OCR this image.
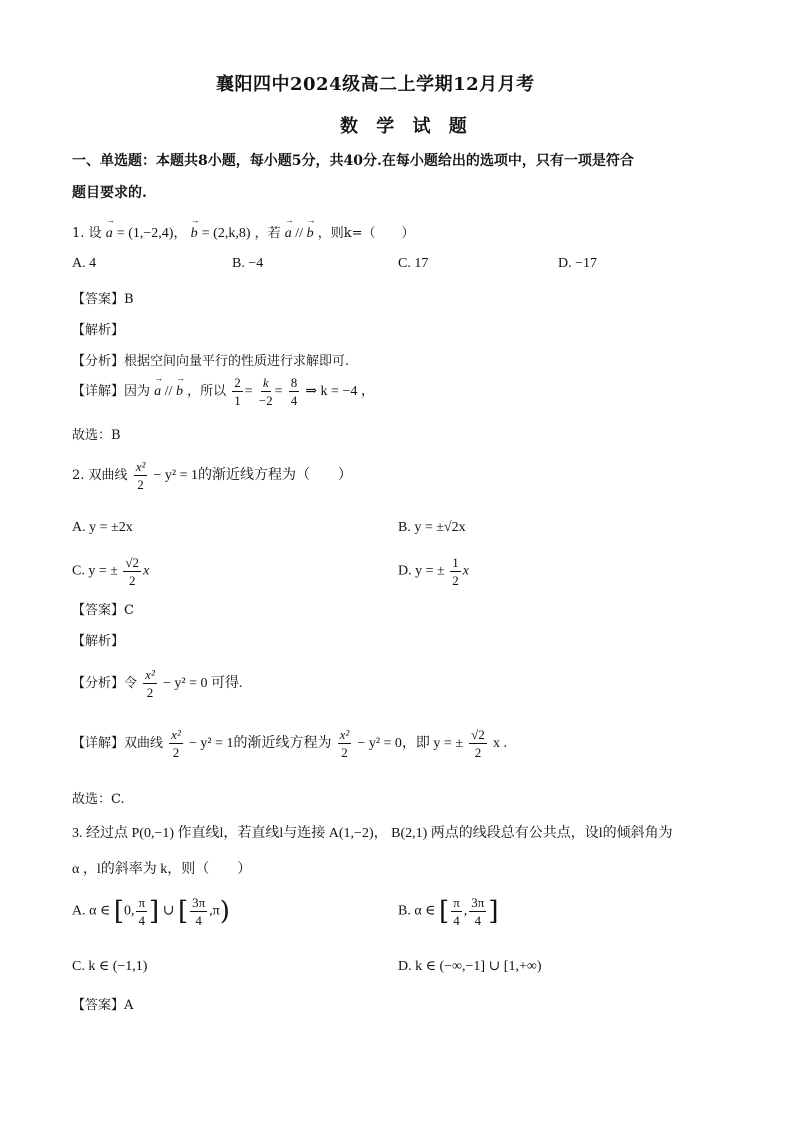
襄阳四中2024级高二上学期12月月考
数 学 试 题
一、单选题：本题共8小题，每小题5分，共40分.在每小题给出的选项中，只有一项是符合
题目要求的.
1. 设 → a = (1,−2,4)， → b = (2,k,8) ，若 → a // → b ，则k=（　　）
A. 4	B. −4	C. 17	D. −17
【答案】B
【解析】
【分析】根据空间向量平行的性质进行求解即可.
【详解】因为 → a // → b ，所以 $\frac{2}{1} = \frac{k}{-2} = \frac{8}{4}$ ⇒ k = −4 ，
故选：B
2. 双曲线 $\frac{\text{x²}}{2} - y^2 = 1$的渐近线方程为（　　）
A. y = ±2x	B. y = ±√2x
C. y = ± $\frac{√2}{2}$ x	D. y = ± $\frac{1}{2}$ x
【答案】C
【解析】
【分析】令 $\frac{\text{x²}}{2} - y^2 = 0$ 可得.
【详解】双曲线 $\frac{\text{x²}}{2} - y^2 = 1$的渐近线方程为 $\frac{\text{x²}}{2} - y^2 = 0$，即 y = ± $\frac{√2}{2}$ x .
故选：C.
3. 经过点 P(0,−1) 作直线l，若直线l与连接 A(1,−2)， B(2,1) 两点的线段总有公共点，设l的倾斜角为
α ，l的斜率为 k，则（　　）
A. α ∈ [0, $\frac{\pi}{4}$ ] ∪ [ $\frac{3\pi}{4} ,\pi$)	B. α ∈ [ $\frac{\pi}{4}$ , $\frac{3\pi}{4}$ ]
C. k ∈ (−1,1)	D. k ∈ (−∞,−1] ∪ [1,+∞)
【答案】A
